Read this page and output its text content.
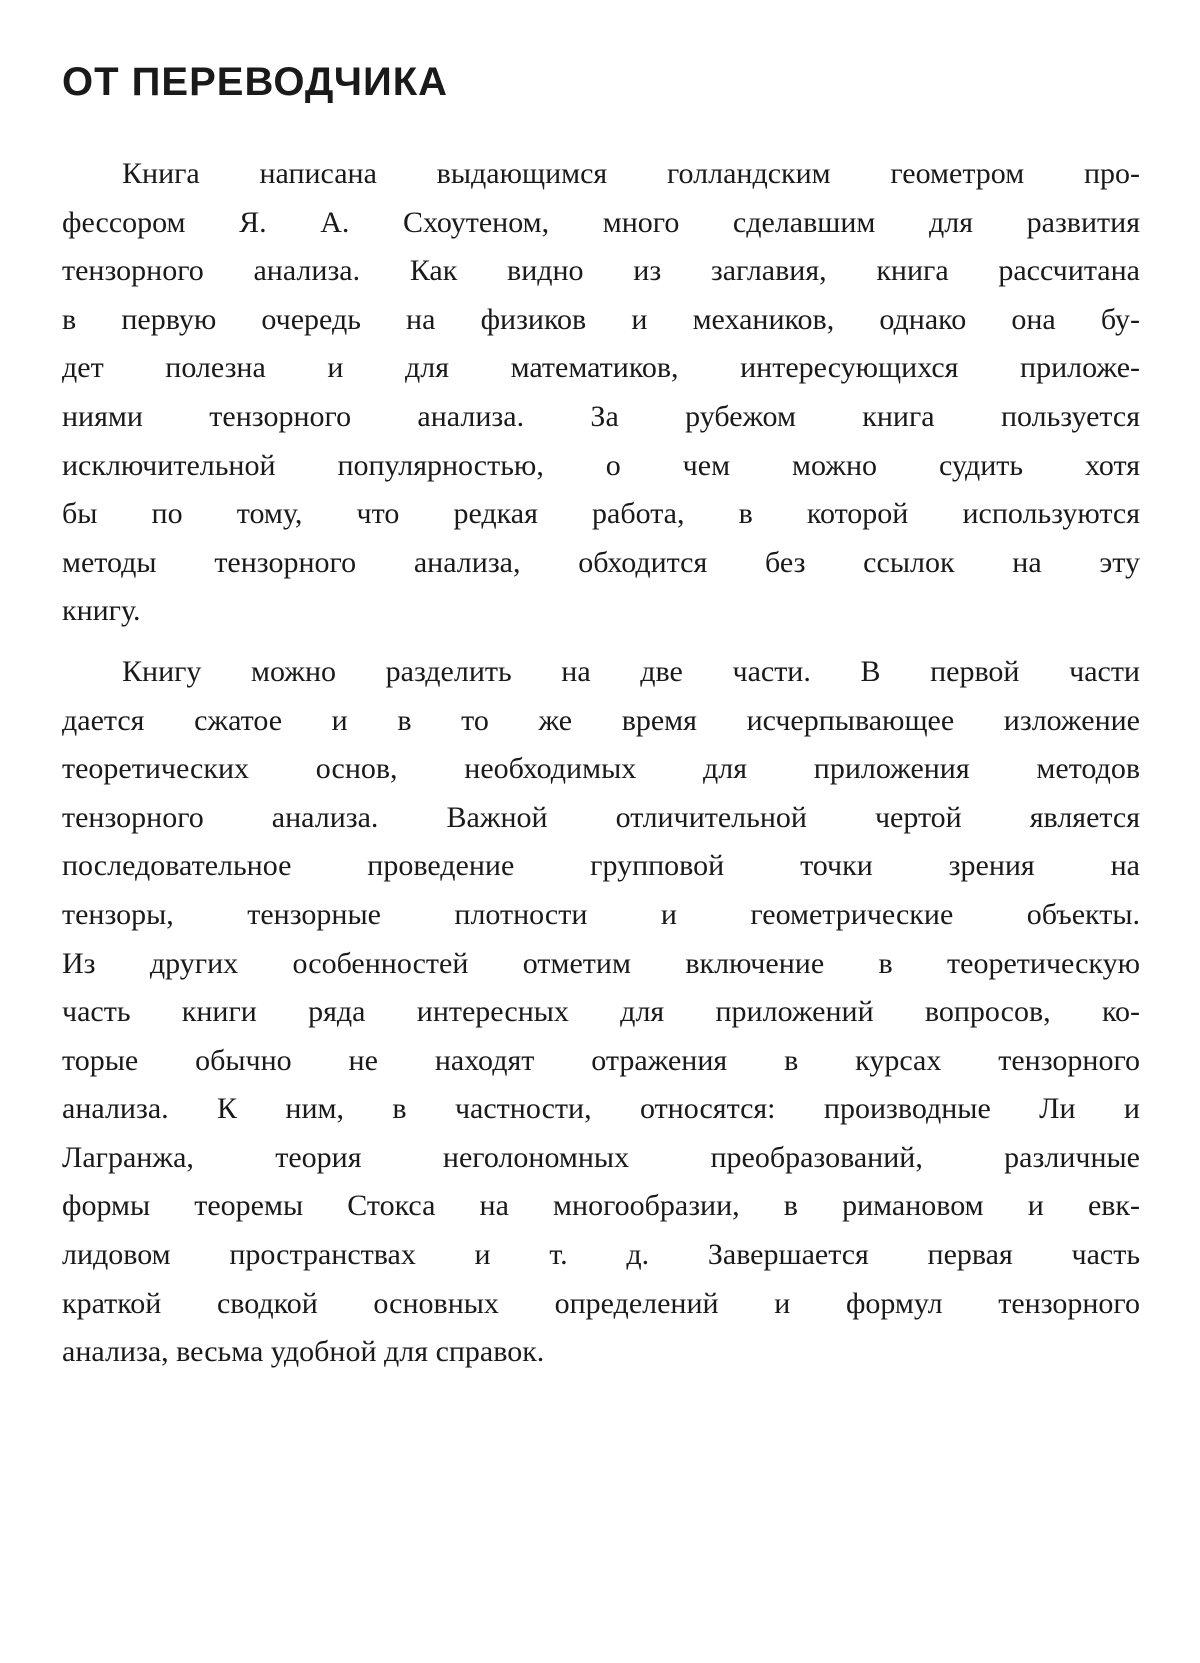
ОТ ПЕРЕВОДЧИКА
Книга написана выдающимся голландским геометром про-
фессором Я. А. Схоутеном, много сделавшим для развития
тензорного анализа. Как видно из заглавия, книга рассчитана
в первую очередь на физиков и механиков, однако она бу-
дет полезна и для математиков, интересующихся приложе-
ниями тензорного анализа. За рубежом книга пользуется
исключительной популярностью, о чем можно судить хотя
бы по тому, что редкая работа, в которой используются
методы тензорного анализа, обходится без ссылок на эту
книгу.
Книгу можно разделить на две части. В первой части
дается сжатое и в то же время исчерпывающее изложение
теоретических основ, необходимых для приложения методов
тензорного анализа. Важной отличительной чертой является
последовательное проведение групповой точки зрения на
тензоры, тензорные плотности и геометрические объекты.
Из других особенностей отметим включение в теоретическую
часть книги ряда интересных для приложений вопросов, ко-
торые обычно не находят отражения в курсах тензорного
анализа. К ним, в частности, относятся: производные Ли и
Лагранжа, теория неголономных преобразований, различные
формы теоремы Стокса на многообразии, в римановом и евк-
лидовом пространствах и т. д. Завершается первая часть
краткой сводкой основных определений и формул тензорного
анализа, весьма удобной для справок.
